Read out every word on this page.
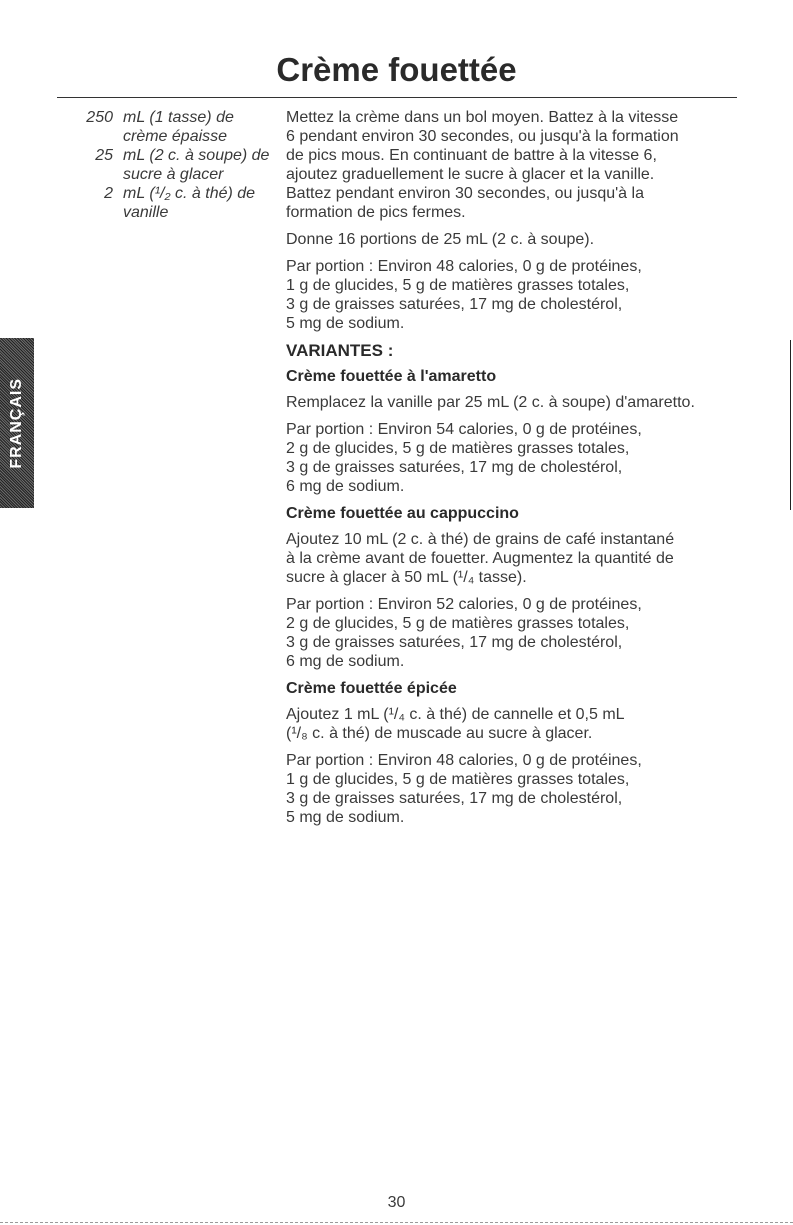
Crème fouettée
FRANÇAIS
250 mL (1 tasse) de
crème épaisse
25 mL (2 c. à soupe) de
sucre à glacer
2 mL (¹/₂ c. à thé) de
vanille

Mettez la crème dans un bol moyen. Battez à la vitesse
6 pendant environ 30 secondes, ou jusqu'à la formation
de pics mous. En continuant de battre à la vitesse 6,
ajoutez graduellement le sucre à glacer et la vanille.
Battez pendant environ 30 secondes, ou jusqu'à la
formation de pics fermes.

Donne 16 portions de 25 mL (2 c. à soupe).

Par portion : Environ 48 calories, 0 g de protéines,
1 g de glucides, 5 g de matières grasses totales,
3 g de graisses saturées, 17 mg de cholestérol,
5 mg de sodium.

VARIANTES :
Crème fouettée à l'amaretto

Remplacez la vanille par 25 mL (2 c. à soupe) d'amaretto.

Par portion : Environ 54 calories, 0 g de protéines,
2 g de glucides, 5 g de matières grasses totales,
3 g de graisses saturées, 17 mg de cholestérol,
6 mg de sodium.

Crème fouettée au cappuccino

Ajoutez 10 mL (2 c. à thé) de grains de café instantané
à la crème avant de fouetter. Augmentez la quantité de
sucre à glacer à 50 mL (¹/₄ tasse).

Par portion : Environ 52 calories, 0 g de protéines,
2 g de glucides, 5 g de matières grasses totales,
3 g de graisses saturées, 17 mg de cholestérol,
6 mg de sodium.

Crème fouettée épicée

Ajoutez 1 mL (¹/₄ c. à thé) de cannelle et 0,5 mL
(¹/₈ c. à thé) de muscade au sucre à glacer.

Par portion : Environ 48 calories, 0 g de protéines,
1 g de glucides, 5 g de matières grasses totales,
3 g de graisses saturées, 17 mg de cholestérol,
5 mg de sodium.

30
